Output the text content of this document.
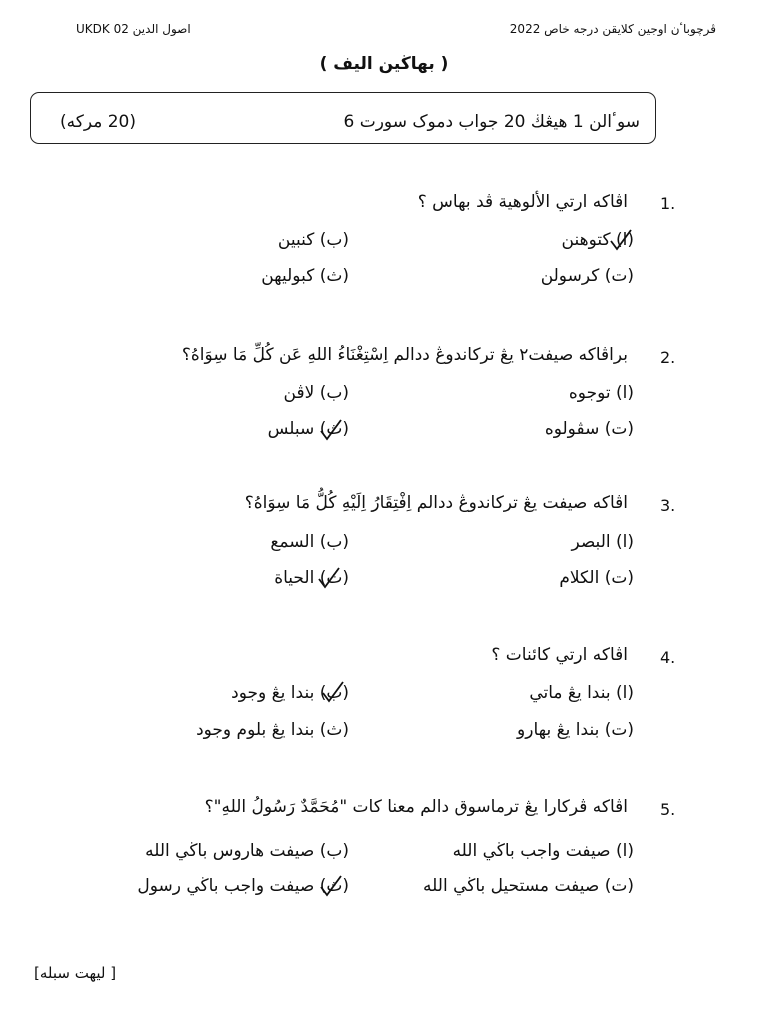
UKDK 02 اصول الدين	ڤرچوباٴن اوجين كلايقن درجه خاص 2022
( بهاڬين اليف )
سوٴالن 1 هيڠڬ 20 جواب دموک سورت 6
(20 مركه)
1.
اڤاكه ارتي الألوهية ڤد بهاس ؟
(ا) كتوهنن
(ب) كنبين
(ت) كرسولن
(ث) كبوليهن
2.
براڤاكه صيفت٢ يڠ تركاندوڠ ددالم اِسْتِغْنَاءُ اللهِ عَن كُلِّ مَا سِوَاهُ؟
(ا) توجوه
(ب) لاڤن
(ت) سڤولوه
(ث) سبلس
3.
اڤاكه صيفت يڠ تركاندوڠ ددالم اِفْتِقَارُ اِلَيْهِ كُلُّ مَا سِوَاهُ؟
(ا) البصر
(ب) السمع
(ت) الكلام
(ث) الحياة
4.
اڤاكه ارتي كائنات ؟
(ا) بندا يڠ ماتي
(ب) بندا يڠ وجود
(ت) بندا يڠ بهارو
(ث) بندا يڠ بلوم وجود
5.
اڤاكه ڤركارا يڠ ترماسوق دالم معنا كات "مُحَمَّدٌ رَسُولُ اللهِ"؟
(ا) صيفت واجب باڬي الله
(ب) صيفت هاروس باڬي الله
(ت) صيفت مستحيل باڬي الله
(ث) صيفت واجب باڬي رسول
[ ليهت سبله]
